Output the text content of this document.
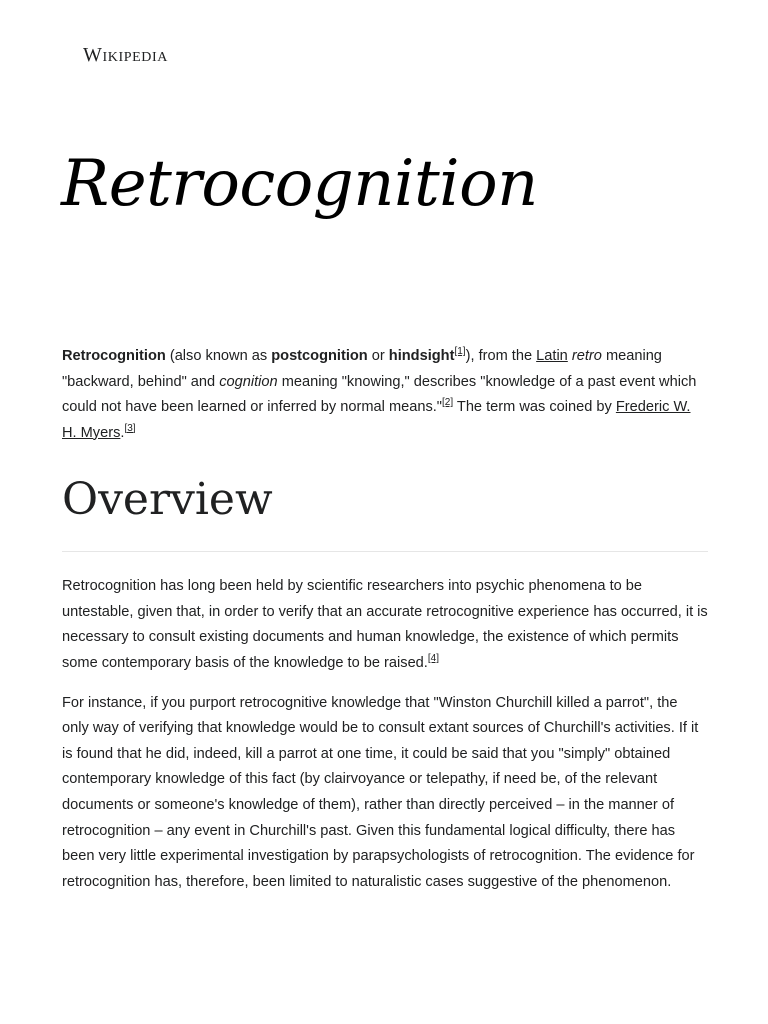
Wikipedia
Retrocognition

Retrocognition (also known as postcognition or hindsight[1]), from the Latin retro meaning "backward, behind" and cognition meaning "knowing," describes "knowledge of a past event which could not have been learned or inferred by normal means."[2] The term was coined by Frederic W. H. Myers.[3]

Overview

Retrocognition has long been held by scientific researchers into psychic phenomena to be untestable, given that, in order to verify that an accurate retrocognitive experience has occurred, it is necessary to consult existing documents and human knowledge, the existence of which permits some contemporary basis of the knowledge to be raised.[4]

For instance, if you purport retrocognitive knowledge that "Winston Churchill killed a parrot", the only way of verifying that knowledge would be to consult extant sources of Churchill's activities. If it is found that he did, indeed, kill a parrot at one time, it could be said that you "simply" obtained contemporary knowledge of this fact (by clairvoyance or telepathy, if need be, of the relevant documents or someone's knowledge of them), rather than directly perceived – in the manner of retrocognition – any event in Churchill's past. Given this fundamental logical difficulty, there has been very little experimental investigation by parapsychologists of retrocognition. The evidence for retrocognition has, therefore, been limited to naturalistic cases suggestive of the phenomenon.
